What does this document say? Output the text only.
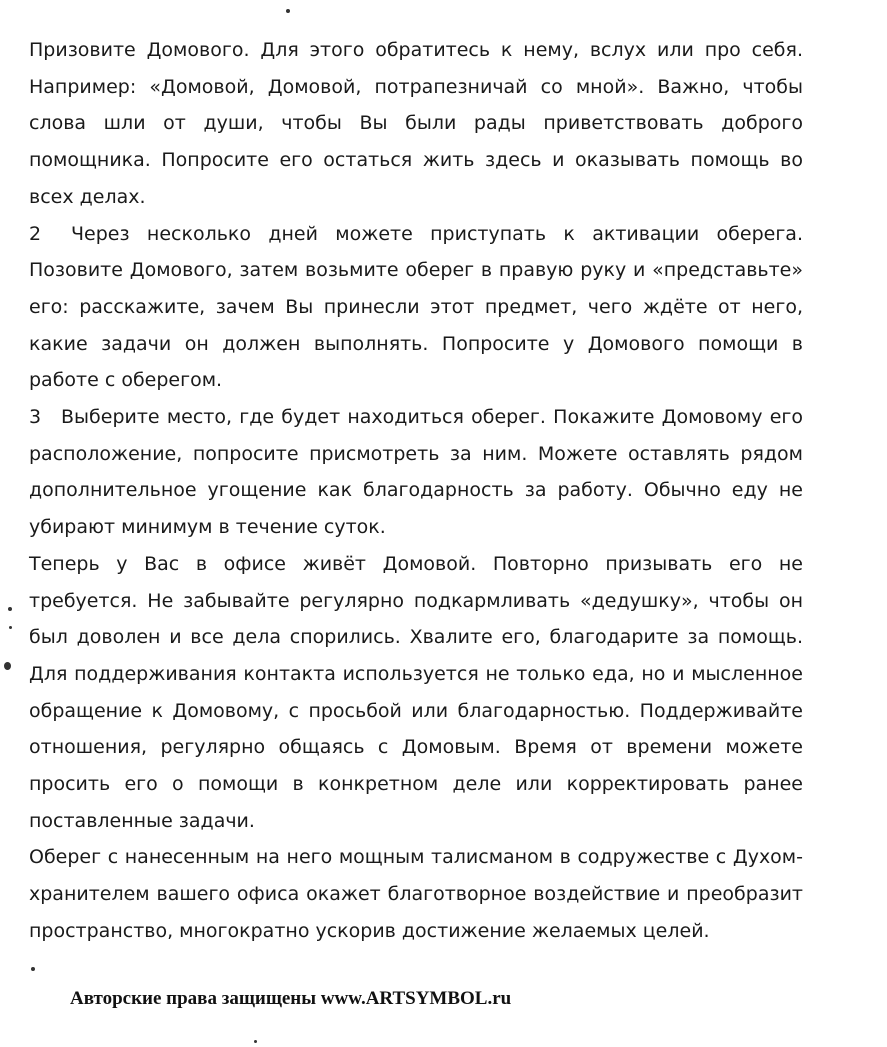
Призовите Домового. Для этого обратитесь к нему, вслух или про себя. Например: «Домовой, Домовой, потрапезничай со мной». Важно, чтобы слова шли от души, чтобы Вы были рады приветствовать доброго помощника. Попросите его остаться жить здесь и оказывать помощь во всех делах.

2 Через несколько дней можете приступать к активации оберега. Позовите Домового, затем возьмите оберег в правую руку и «представьте» его: расскажите, зачем Вы принесли этот предмет, чего ждёте от него, какие задачи он должен выполнять. Попросите у Домового помощи в работе с оберегом.

3 Выберите место, где будет находиться оберег. Покажите Домовому его расположение, попросите присмотреть за ним. Можете оставлять рядом дополнительное угощение как благодарность за работу. Обычно еду не убирают минимум в течение суток.

Теперь у Вас в офисе живёт Домовой. Повторно призывать его не требуется. Не забывайте регулярно подкармливать «дедушку», чтобы он был доволен и все дела спорились. Хвалите его, благодарите за помощь. Для поддерживания контакта используется не только еда, но и мысленное обращение к Домовому, с просьбой или благодарностью. Поддерживайте отношения, регулярно общаясь с Домовым. Время от времени можете просить его о помощи в конкретном деле или корректировать ранее поставленные задачи.

Оберег с нанесенным на него мощным талисманом в содружестве с Духом-хранителем вашего офиса окажет благотворное воздействие и преобразит пространство, многократно ускорив достижение желаемых целей.

Авторские права защищены www.ARTSYMBOL.ru
